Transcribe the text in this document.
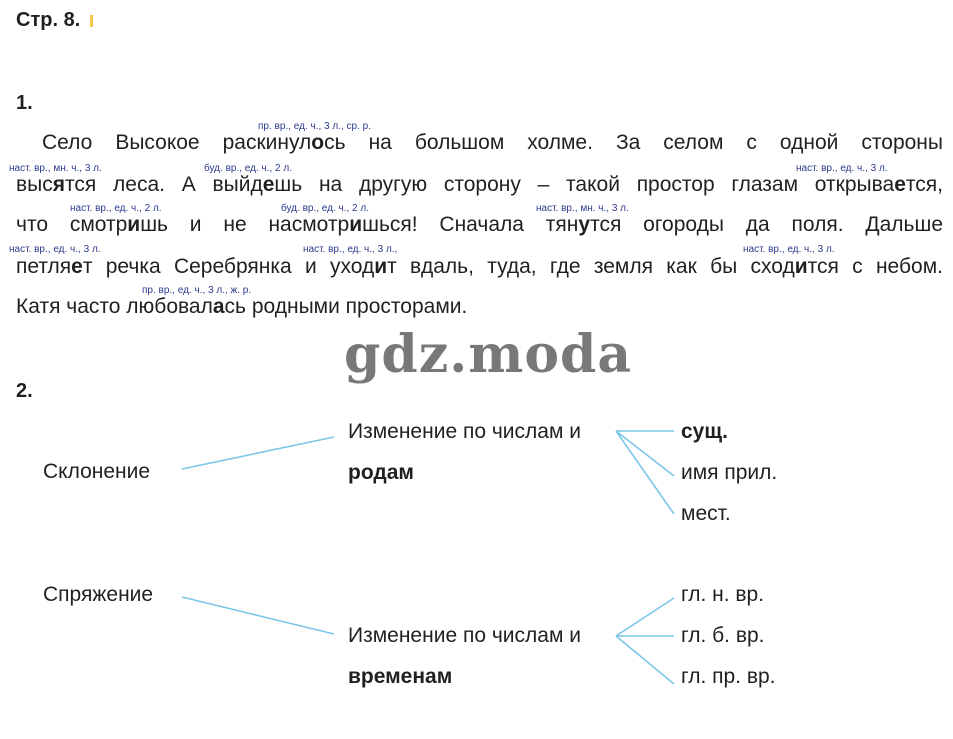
Стр. 8.
1.
пр. вр., ед. ч., 3 л., ср. р.
Село Высокое раскинулось на большом холме. За селом с одной стороны
наст. вр., мн. ч., 3 л.	буд. вр., ед. ч., 2 л.	наст. вр., ед. ч., 3 л.
высятся леса. А выйдешь на другую сторону – такой простор глазам открывается,
наст. вр., ед. ч., 2 л.	буд. вр., ед. ч., 2 л.	наст. вр., мн. ч., 3 л.
что смотришь и не насмотришься! Сначала тянутся огороды да поля. Дальше
наст. вр., ед. ч., 3 л.	наст. вр., ед. ч., 3 л.,	наст. вр., ед. ч., 3 л.
петляет речка Серебрянка и уходит вдаль, туда, где земля как бы сходится с небом.
пр. вр., ед. ч., 3 л., ж. р.
Катя часто любовалась родными просторами.
gdz.moda
2.
Склонение
Изменение по числам и
родам
сущ.
имя прил.
мест.
Спряжение
Изменение по числам и
временам
гл. н. вр.
гл. б. вр.
гл. пр. вр.
